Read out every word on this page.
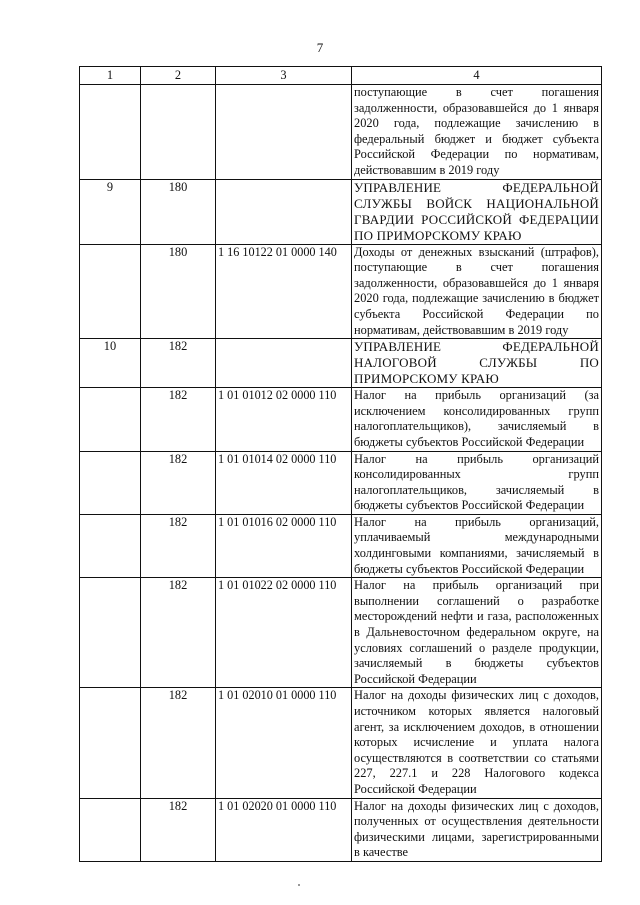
7
1	2	3	4
			поступающие в счет погашения задолженности, образовавшейся до 1 января 2020 года, подлежащие зачислению в федеральный бюджет и бюджет субъекта Российской Федерации по нормативам, действовавшим в 2019 году
9	180		УПРАВЛЕНИЕ ФЕДЕРАЛЬНОЙ СЛУЖБЫ ВОЙСК НАЦИОНАЛЬНОЙ ГВАРДИИ РОССИЙСКОЙ ФЕДЕРАЦИИ ПО ПРИМОРСКОМУ КРАЮ
	180	1 16 10122 01 0000 140	Доходы от денежных взысканий (штрафов), поступающие в счет погашения задолженности, образовавшейся до 1 января 2020 года, подлежащие зачислению в бюджет субъекта Российской Федерации по нормативам, действовавшим в 2019 году
10	182		УПРАВЛЕНИЕ ФЕДЕРАЛЬНОЙ НАЛОГОВОЙ СЛУЖБЫ ПО ПРИМОРСКОМУ КРАЮ
	182	1 01 01012 02 0000 110	Налог на прибыль организаций (за исключением консолидированных групп налогоплательщиков), зачисляемый в бюджеты субъектов Российской Федерации
	182	1 01 01014 02 0000 110	Налог на прибыль организаций консолидированных групп налогоплательщиков, зачисляемый в бюджеты субъектов Российской Федерации
	182	1 01 01016 02 0000 110	Налог на прибыль организаций, уплачиваемый международными холдинговыми компаниями, зачисляемый в бюджеты субъектов Российской Федерации
	182	1 01 01022 02 0000 110	Налог на прибыль организаций при выполнении соглашений о разработке месторождений нефти и газа, расположенных в Дальневосточном федеральном округе, на условиях соглашений о разделе продукции, зачисляемый в бюджеты субъектов Российской Федерации
	182	1 01 02010 01 0000 110	Налог на доходы физических лиц с доходов, источником которых является налоговый агент, за исключением доходов, в отношении которых исчисление и уплата налога осуществляются в соответствии со статьями 227, 227.1 и 228 Налогового кодекса Российской Федерации
	182	1 01 02020 01 0000 110	Налог на доходы физических лиц с доходов, полученных от осуществления деятельности физическими лицами, зарегистрированными в качестве
